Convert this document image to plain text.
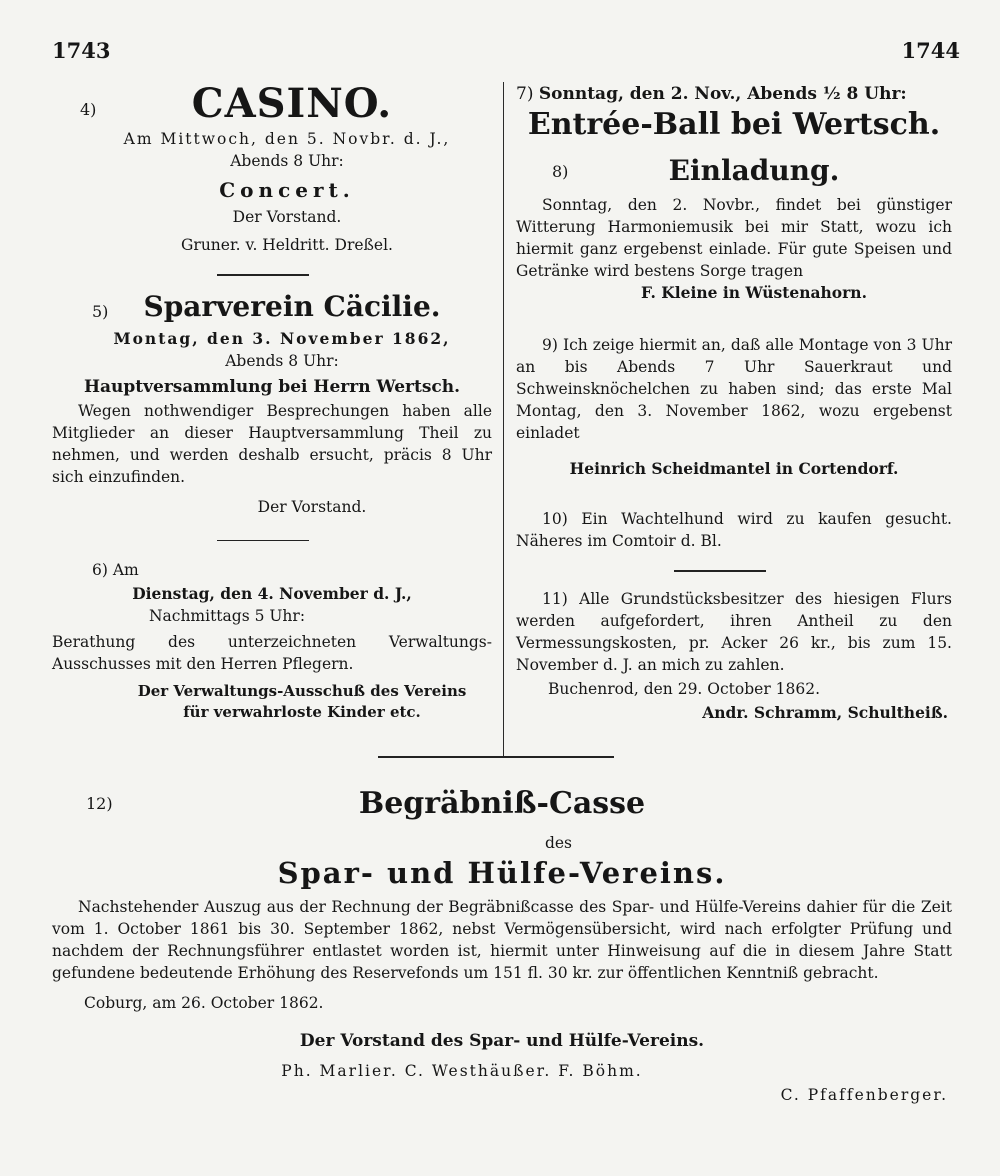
1743	1744
4)	CASINO.
Am Mittwoch, den 5. Novbr. d. J.,
Abends 8 Uhr:
Concert.
Der Vorstand.
Gruner. v. Heldritt. Dreßel.
5)	Sparverein Cäcilie.
Montag, den 3. November 1862,
Abends 8 Uhr:
Hauptversammlung bei Herrn Wertsch.

Wegen nothwendiger Besprechungen haben alle Mitglieder an dieser Hauptversammlung Theil zu nehmen, und werden deshalb ersucht, präcis 8 Uhr sich einzufinden.

Der Vorstand.
6) Am
Dienstag, den 4. November d. J.,
Nachmittags 5 Uhr:

Berathung des unterzeichneten Verwaltungs-Ausschusses mit den Herren Pflegern.

Der Verwaltungs-Ausschuß des Vereins
für verwahrloste Kinder etc.
7) Sonntag, den 2. Nov., Abends ½ 8 Uhr:
Entrée-Ball bei Wertsch.
8)	Einladung.

Sonntag, den 2. Novbr., findet bei günstiger Witterung Harmoniemusik bei mir Statt, wozu ich hiermit ganz ergebenst einlade. Für gute Speisen und Getränke wird bestens Sorge tragen

F. Kleine in Wüstenahorn.

9) Ich zeige hiermit an, daß alle Montage von 3 Uhr an bis Abends 7 Uhr Sauerkraut und Schweinsknöchelchen zu haben sind; das erste Mal Montag, den 3. November 1862, wozu ergebenst einladet

Heinrich Scheidmantel in Cortendorf.

10) Ein Wachtelhund wird zu kaufen gesucht. Näheres im Comtoir d. Bl.

11) Alle Grundstücksbesitzer des hiesigen Flurs werden aufgefordert, ihren Antheil zu den Vermessungskosten, pr. Acker 26 kr., bis zum 15. November d. J. an mich zu zahlen.

Buchenrod, den 29. October 1862.
Andr. Schramm, Schultheiß.
12)	Begräbniß-Casse
des
Spar- und Hülfe-Vereins.

Nachstehender Auszug aus der Rechnung der Begräbnißcasse des Spar- und Hülfe-Vereins dahier für die Zeit vom 1. October 1861 bis 30. September 1862, nebst Vermögensübersicht, wird nach erfolgter Prüfung und nachdem der Rechnungsführer entlastet worden ist, hiermit unter Hinweisung auf die in diesem Jahre Statt gefundene bedeutende Erhöhung des Reservefonds um 151 fl. 30 kr. zur öffentlichen Kenntniß gebracht.

Coburg, am 26. October 1862.
Der Vorstand des Spar- und Hülfe-Vereins.
Ph. Marlier. C. Westhäußer. F. Böhm.
C. Pfaffenberger.
